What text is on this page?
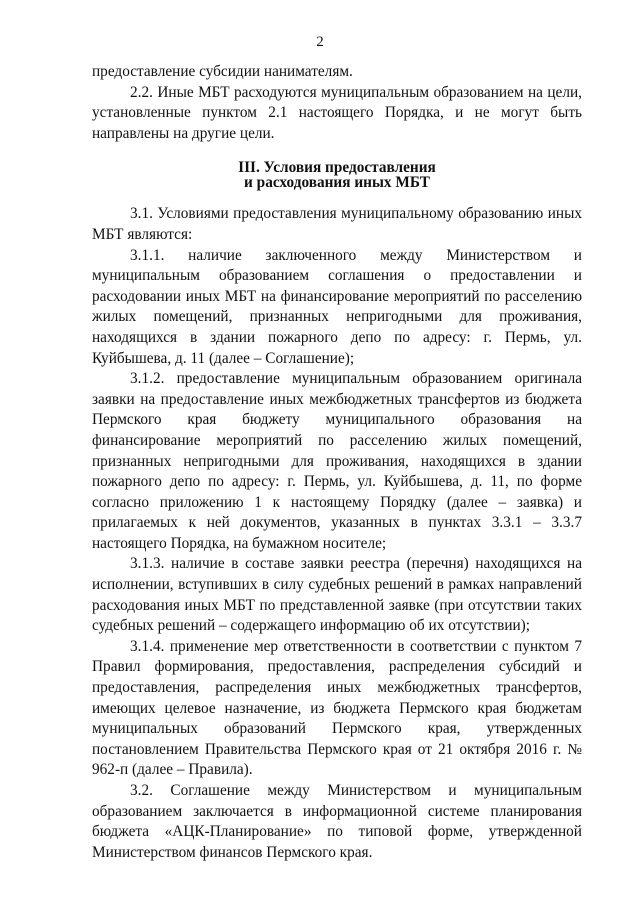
2

предоставление субсидии нанимателям.

2.2. Иные МБТ расходуются муниципальным образованием на цели, установленные пунктом 2.1 настоящего Порядка, и не могут быть направлены на другие цели.

III. Условия предоставления
и расходования иных МБТ

3.1. Условиями предоставления муниципальному образованию иных МБТ являются:

3.1.1. наличие заключенного между Министерством и муниципальным образованием соглашения о предоставлении и расходовании иных МБТ на финансирование мероприятий по расселению жилых помещений, признанных непригодными для проживания, находящихся в здании пожарного депо по адресу: г. Пермь, ул. Куйбышева, д. 11 (далее – Соглашение);

3.1.2. предоставление муниципальным образованием оригинала заявки на предоставление иных межбюджетных трансфертов из бюджета Пермского края бюджету муниципального образования на финансирование мероприятий по расселению жилых помещений, признанных непригодными для проживания, находящихся в здании пожарного депо по адресу: г. Пермь, ул. Куйбышева, д. 11, по форме согласно приложению 1 к настоящему Порядку (далее – заявка) и прилагаемых к ней документов, указанных в пунктах 3.3.1 – 3.3.7 настоящего Порядка, на бумажном носителе;

3.1.3. наличие в составе заявки реестра (перечня) находящихся на исполнении, вступивших в силу судебных решений в рамках направлений расходования иных МБТ по представленной заявке (при отсутствии таких судебных решений – содержащего информацию об их отсутствии);

3.1.4. применение мер ответственности в соответствии с пунктом 7 Правил формирования, предоставления, распределения субсидий и предоставления, распределения иных межбюджетных трансфертов, имеющих целевое назначение, из бюджета Пермского края бюджетам муниципальных образований Пермского края, утвержденных постановлением Правительства Пермского края от 21 октября 2016 г. № 962-п (далее – Правила).

3.2. Соглашение между Министерством и муниципальным образованием заключается в информационной системе планирования бюджета «АЦК-Планирование» по типовой форме, утвержденной Министерством финансов Пермского края.
